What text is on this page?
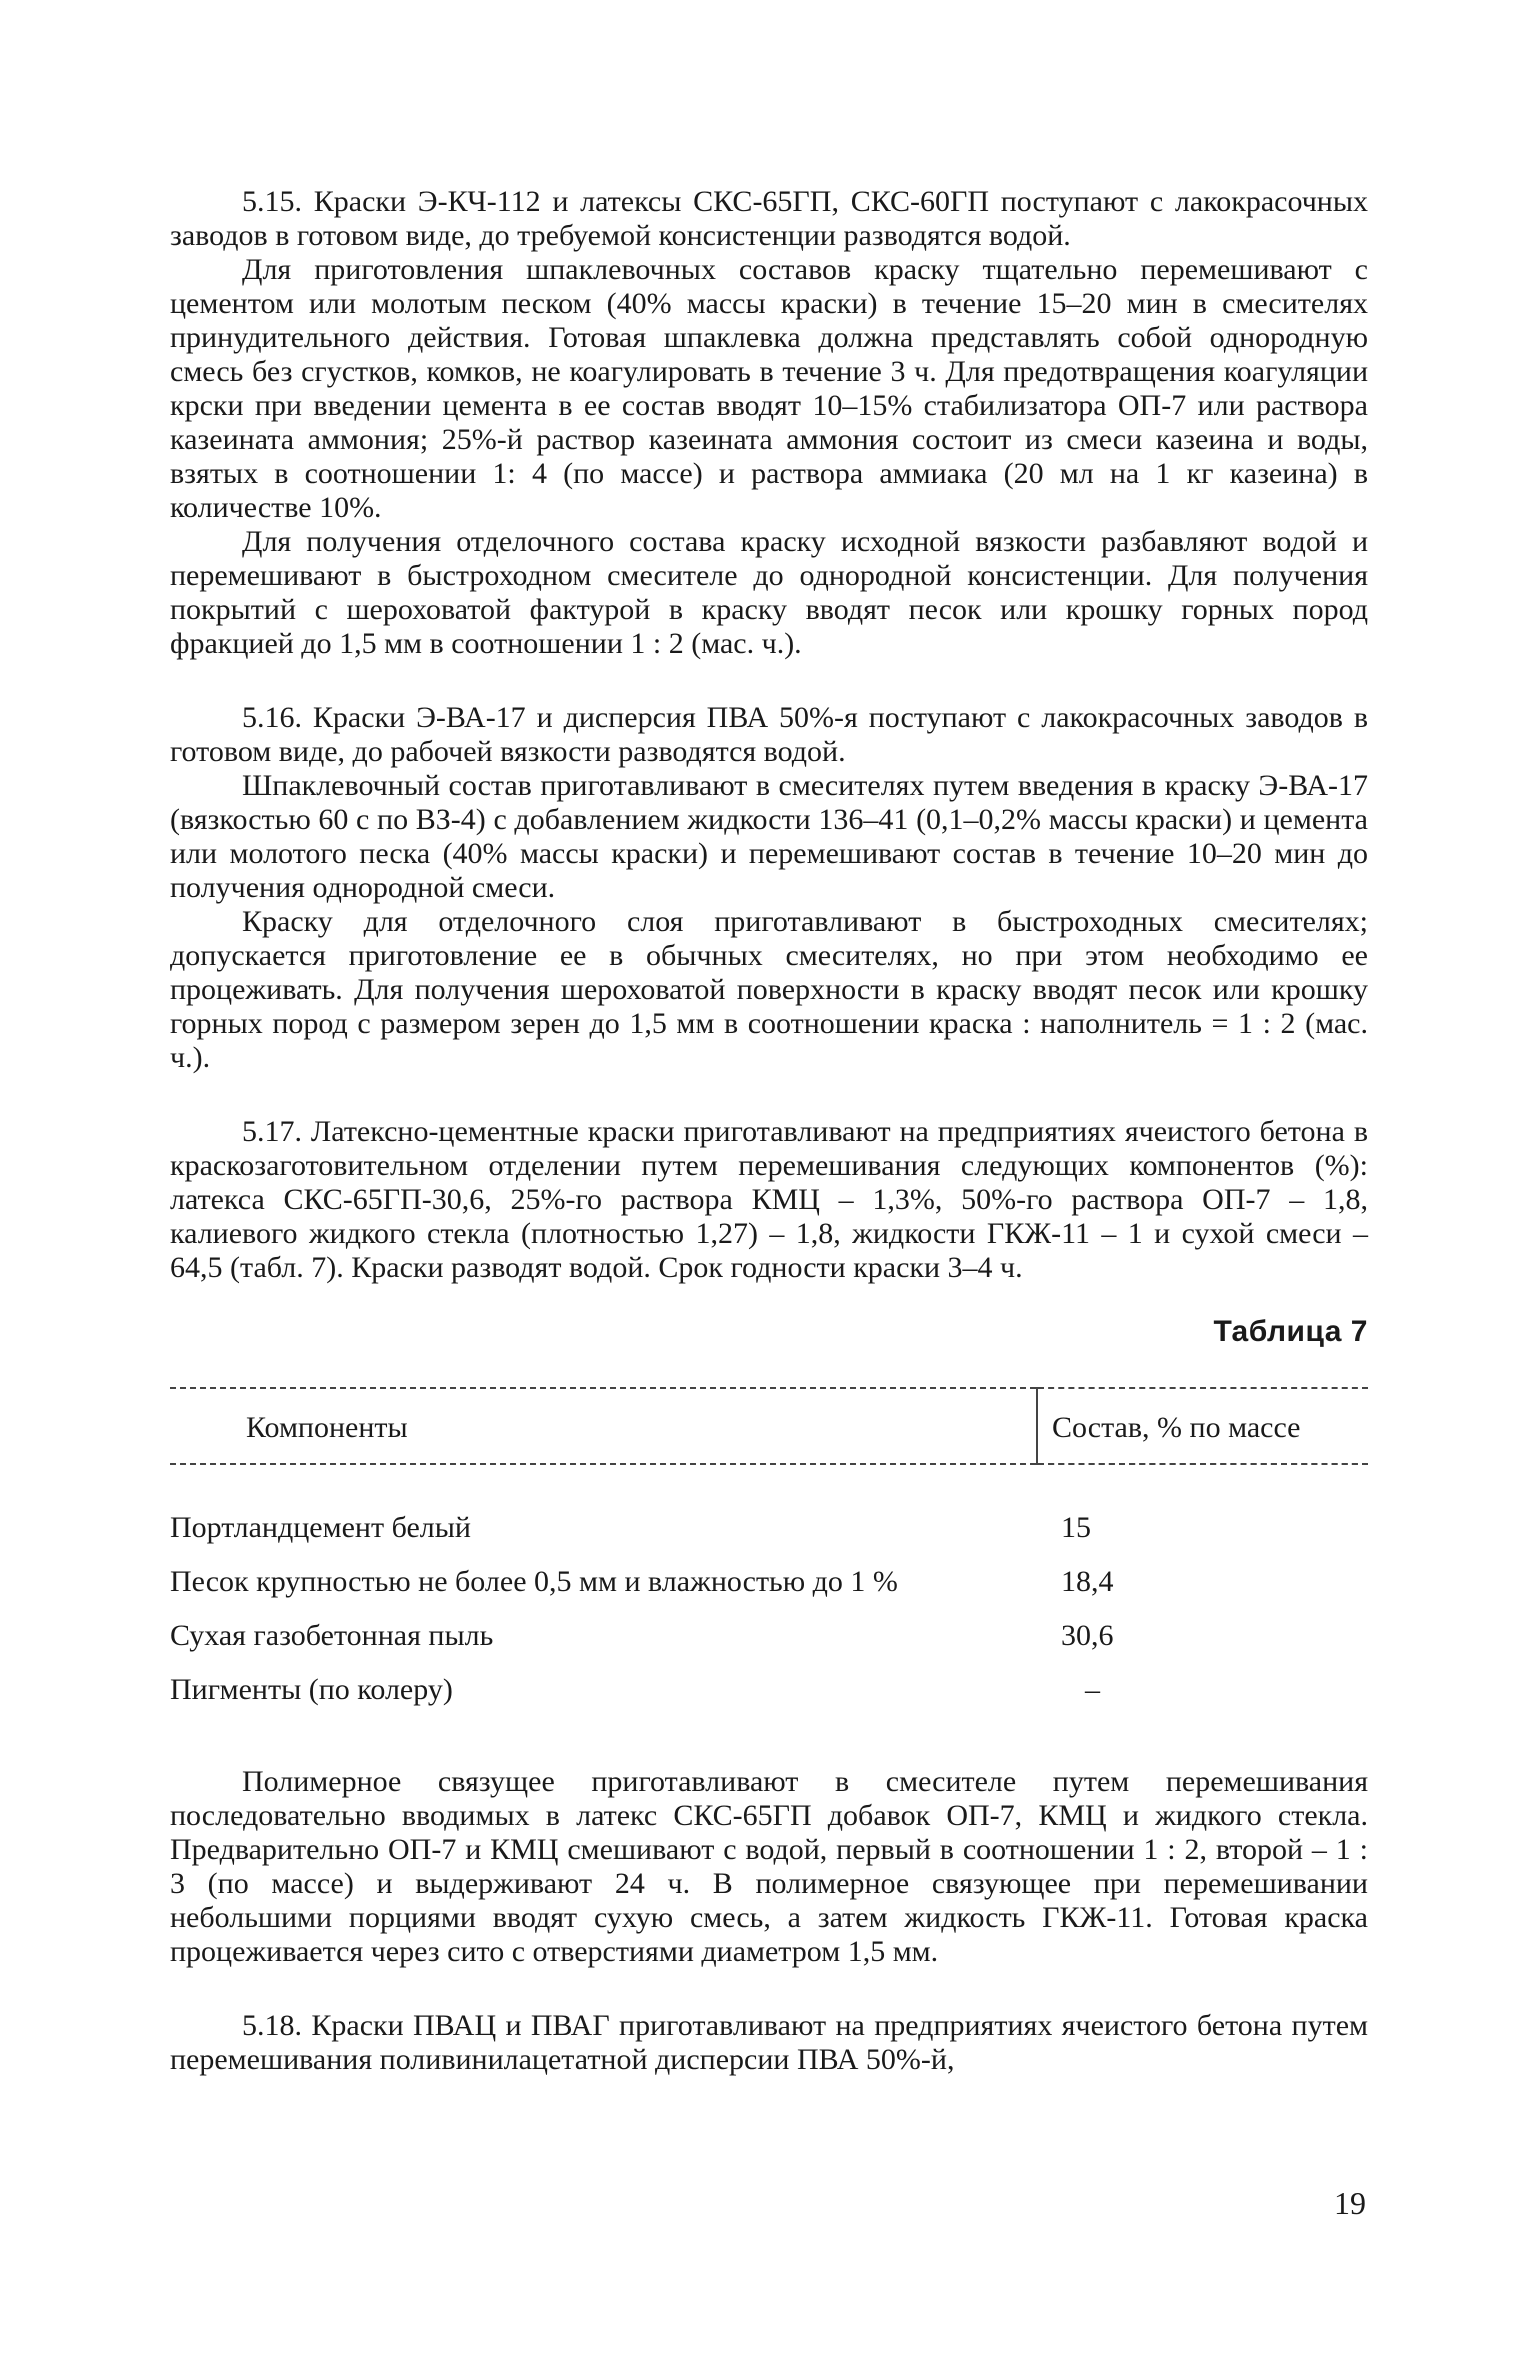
5.15. Краски Э-КЧ-112 и латексы СКС-65ГП, СКС-60ГП поступают с лакокрасочных заводов в готовом виде, до требуемой консистенции разводятся водой.

Для приготовления шпаклевочных составов краску тщательно перемешивают с цементом или молотым песком (40% массы краски) в течение 15–20 мин в смесителях принудительного действия. Готовая шпаклевка должна представлять собой однородную смесь без сгустков, комков, не коагулировать в течение 3 ч. Для предотвращения коагуляции крски при введении цемента в ее состав вводят 10–15% стабилизатора ОП-7 или раствора казеината аммония; 25%-й раствор казеината аммония состоит из смеси казеина и воды, взятых в соотношении 1: 4 (по массе) и раствора аммиака (20 мл на 1 кг казеина) в количестве 10%.

Для получения отделочного состава краску исходной вязкости разбавляют водой и перемешивают в быстроходном смесителе до однородной консистенции. Для получения покрытий с шероховатой фактурой в краску вводят песок или крошку горных пород фракцией до 1,5 мм в соотношении 1 : 2 (мас. ч.).

5.16. Краски Э-ВА-17 и дисперсия ПВА 50%-я поступают с лакокрасочных заводов в готовом виде, до рабочей вязкости разводятся водой.

Шпаклевочный состав приготавливают в смесителях путем введения в краску Э-ВА-17 (вязкостью 60 с по ВЗ-4) с добавлением жидкости 136–41 (0,1–0,2% массы краски) и цемента или молотого песка (40% массы краски) и перемешивают состав в течение 10–20 мин до получения однородной смеси.

Краску для отделочного слоя приготавливают в быстроходных смесителях; допускается приготовление ее в обычных смесителях, но при этом необходимо ее процеживать. Для получения шероховатой поверхности в краску вводят песок или крошку горных пород с размером зерен до 1,5 мм в соотношении краска : наполнитель = 1 : 2 (мас. ч.).

5.17. Латексно-цементные краски приготавливают на предприятиях ячеистого бетона в краскозаготовительном отделении путем перемешивания следующих компонентов (%): латекса СКС-65ГП-30,6, 25%-го раствора КМЦ – 1,3%, 50%-го раствора ОП-7 – 1,8, калиевого жидкого стекла (плотностью 1,27) – 1,8, жидкости ГКЖ-11 – 1 и сухой смеси – 64,5 (табл. 7). Краски разводят водой. Срок годности краски 3–4 ч.

Таблица 7
Компоненты	Состав, % по массе
Портландцемент белый	15
Песок крупностью не более 0,5 мм и влажностью до 1 %	18,4
Сухая газобетонная пыль	30,6
Пигменты (по колеру)	–

Полимерное связущее приготавливают в смесителе путем перемешивания последовательно вводимых в латекс СКС-65ГП добавок ОП-7, КМЦ и жидкого стекла. Предварительно ОП-7 и КМЦ смешивают с водой, первый в соотношении 1 : 2, второй – 1 : 3 (по массе) и выдерживают 24 ч. В полимерное связующее при перемешивании небольшими порциями вводят сухую смесь, а затем жидкость ГКЖ-11. Готовая краска процеживается через сито с отверстиями диаметром 1,5 мм.

5.18. Краски ПВАЦ и ПВАГ приготавливают на предприятиях ячеистого бетона путем перемешивания поливинилацетатной дисперсии ПВА 50%-й,

19
